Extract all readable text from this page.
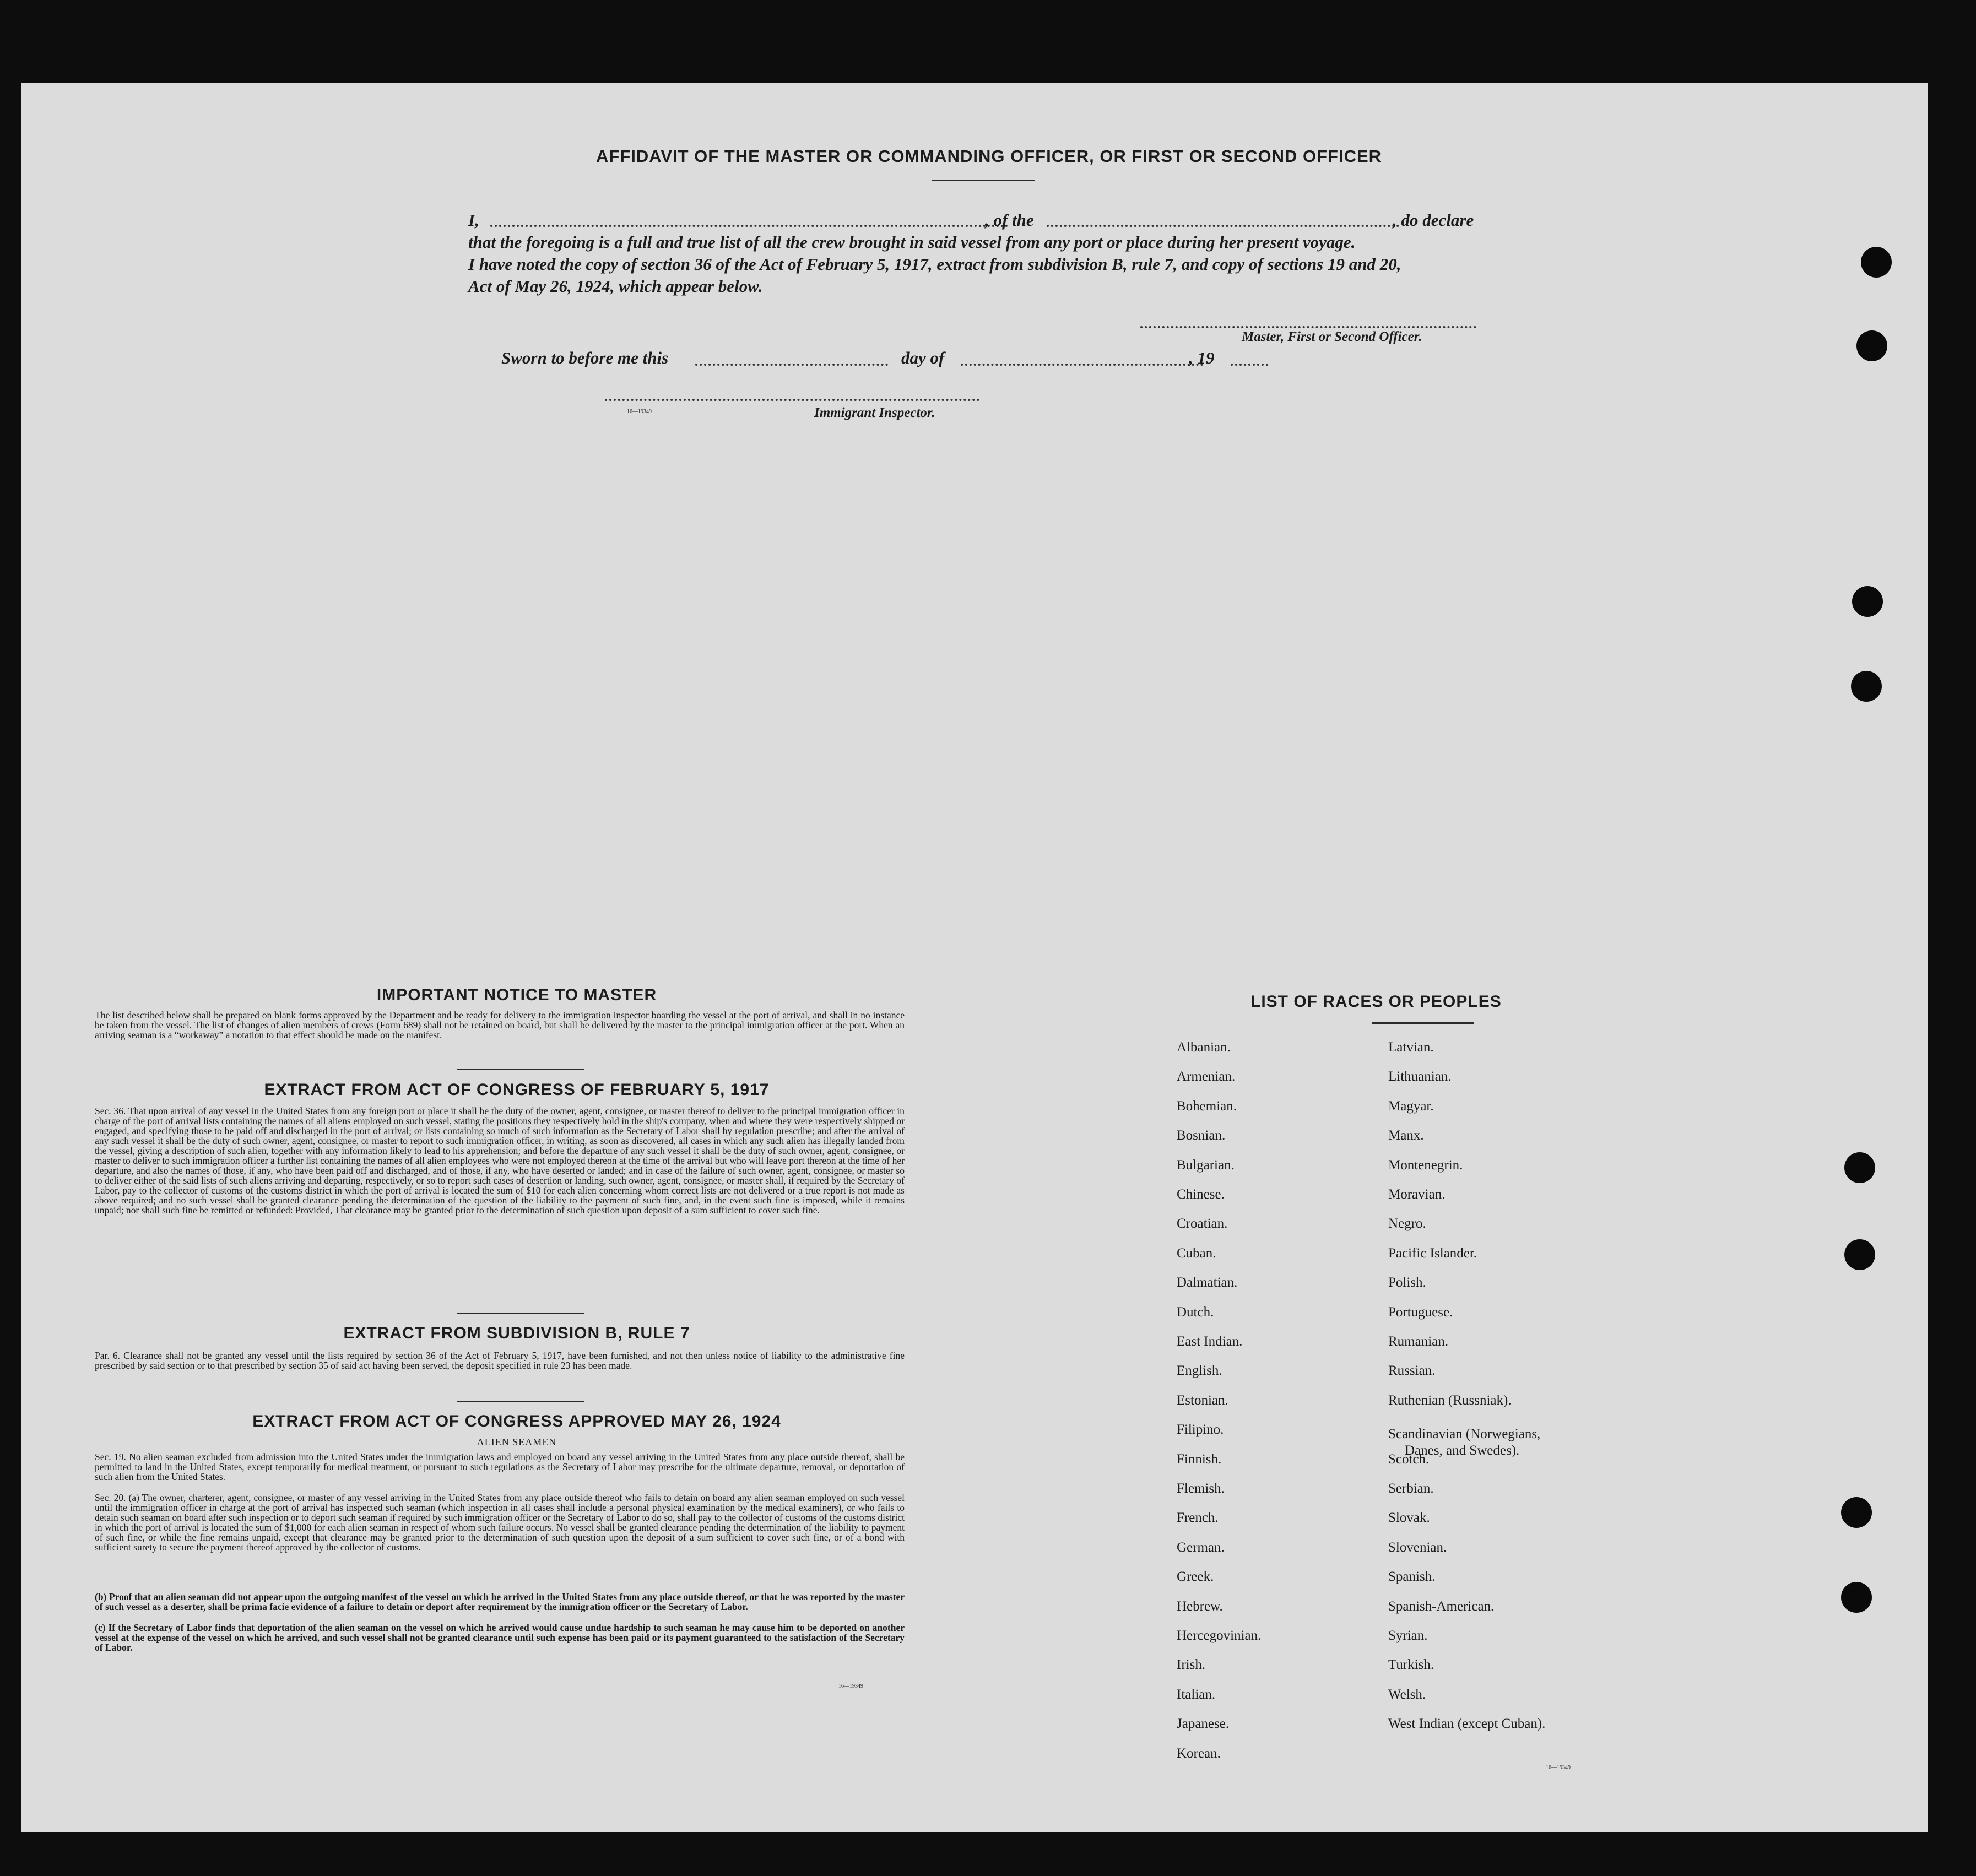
AFFIDAVIT OF THE MASTER OR COMMANDING OFFICER, OR FIRST OR SECOND OFFICER
I,	, of the	, do declare
that the foregoing is a full and true list of all the crew brought in said vessel from any port or place during her present voyage.
I have noted the copy of section 36 of the Act of February 5, 1917, extract from subdivision B, rule 7, and copy of sections 19 and 20,
Act of May 26, 1924, which appear below.
Master, First or Second Officer.
Sworn to before me this	day of	, 19
16—19349	Immigrant Inspector.
IMPORTANT NOTICE TO MASTER
The list described below shall be prepared on blank forms approved by the Department and be ready for delivery to the immigration inspector boarding the vessel at the port of arrival, and shall in no instance be taken from the vessel. The list of changes of alien members of crews (Form 689) shall not be retained on board, but shall be delivered by the master to the principal immigration officer at the port. When an arriving seaman is a “workaway” a notation to that effect should be made on the manifest.
EXTRACT FROM ACT OF CONGRESS OF FEBRUARY 5, 1917
Sec. 36. That upon arrival of any vessel in the United States from any foreign port or place it shall be the duty of the owner, agent, consignee, or master thereof to deliver to the principal immigration officer in charge of the port of arrival lists containing the names of all aliens employed on such vessel, stating the positions they respectively hold in the ship's company, when and where they were respectively shipped or engaged, and specifying those to be paid off and discharged in the port of arrival; or lists containing so much of such information as the Secretary of Labor shall by regulation prescribe; and after the arrival of any such vessel it shall be the duty of such owner, agent, consignee, or master to report to such immigration officer, in writing, as soon as discovered, all cases in which any such alien has illegally landed from the vessel, giving a description of such alien, together with any information likely to lead to his apprehension; and before the departure of any such vessel it shall be the duty of such owner, agent, consignee, or master to deliver to such immigration officer a further list containing the names of all alien employees who were not employed thereon at the time of the arrival but who will leave port thereon at the time of her departure, and also the names of those, if any, who have been paid off and discharged, and of those, if any, who have deserted or landed; and in case of the failure of such owner, agent, consignee, or master so to deliver either of the said lists of such aliens arriving and departing, respectively, or so to report such cases of desertion or landing, such owner, agent, consignee, or master shall, if required by the Secretary of Labor, pay to the collector of customs of the customs district in which the port of arrival is located the sum of $10 for each alien concerning whom correct lists are not delivered or a true report is not made as above required; and no such vessel shall be granted clearance pending the determination of the question of the liability to the payment of such fine, and, in the event such fine is imposed, while it remains unpaid; nor shall such fine be remitted or refunded: Provided, That clearance may be granted prior to the determination of such question upon deposit of a sum sufficient to cover such fine.
EXTRACT FROM SUBDIVISION B, RULE 7
Par. 6. Clearance shall not be granted any vessel until the lists required by section 36 of the Act of February 5, 1917, have been furnished, and not then unless notice of liability to the administrative fine prescribed by said section or to that prescribed by section 35 of said act having been served, the deposit specified in rule 23 has been made.
EXTRACT FROM ACT OF CONGRESS APPROVED MAY 26, 1924
ALIEN SEAMEN
Sec. 19. No alien seaman excluded from admission into the United States under the immigration laws and employed on board any vessel arriving in the United States from any place outside thereof, shall be permitted to land in the United States, except temporarily for medical treatment, or pursuant to such regulations as the Secretary of Labor may prescribe for the ultimate departure, removal, or deportation of such alien from the United States.
Sec. 20. (a) The owner, charterer, agent, consignee, or master of any vessel arriving in the United States from any place outside thereof who fails to detain on board any alien seaman employed on such vessel until the immigration officer in charge at the port of arrival has inspected such seaman (which inspection in all cases shall include a personal physical examination by the medical examiners), or who fails to detain such seaman on board after such inspection or to deport such seaman if required by such immigration officer or the Secretary of Labor to do so, shall pay to the collector of customs of the customs district in which the port of arrival is located the sum of $1,000 for each alien seaman in respect of whom such failure occurs. No vessel shall be granted clearance pending the determination of the liability to payment of such fine, or while the fine remains unpaid, except that clearance may be granted prior to the determination of such question upon the deposit of a sum sufficient to cover such fine, or of a bond with sufficient surety to secure the payment thereof approved by the collector of customs.
(b) Proof that an alien seaman did not appear upon the outgoing manifest of the vessel on which he arrived in the United States from any place outside thereof, or that he was reported by the master of such vessel as a deserter, shall be prima facie evidence of a failure to detain or deport after requirement by the immigration officer or the Secretary of Labor.
(c) If the Secretary of Labor finds that deportation of the alien seaman on the vessel on which he arrived would cause undue hardship to such seaman he may cause him to be deported on another vessel at the expense of the vessel on which he arrived, and such vessel shall not be granted clearance until such expense has been paid or its payment guaranteed to the satisfaction of the Secretary of Labor.
16—19349
LIST OF RACES OR PEOPLES
Albanian.
Armenian.
Bohemian.
Bosnian.
Bulgarian.
Chinese.
Croatian.
Cuban.
Dalmatian.
Dutch.
East Indian.
English.
Estonian.
Filipino.
Finnish.
Flemish.
French.
German.
Greek.
Hebrew.
Hercegovinian.
Irish.
Italian.
Japanese.
Korean.
Latvian.
Lithuanian.
Magyar.
Manx.
Montenegrin.
Moravian.
Negro.
Pacific Islander.
Polish.
Portuguese.
Rumanian.
Russian.
Ruthenian (Russniak).
Scandinavian (Norwegians,
Danes, and Swedes).
Scotch.
Serbian.
Slovak.
Slovenian.
Spanish.
Spanish-American.
Syrian.
Turkish.
Welsh.
West Indian (except Cuban).
16—19349
